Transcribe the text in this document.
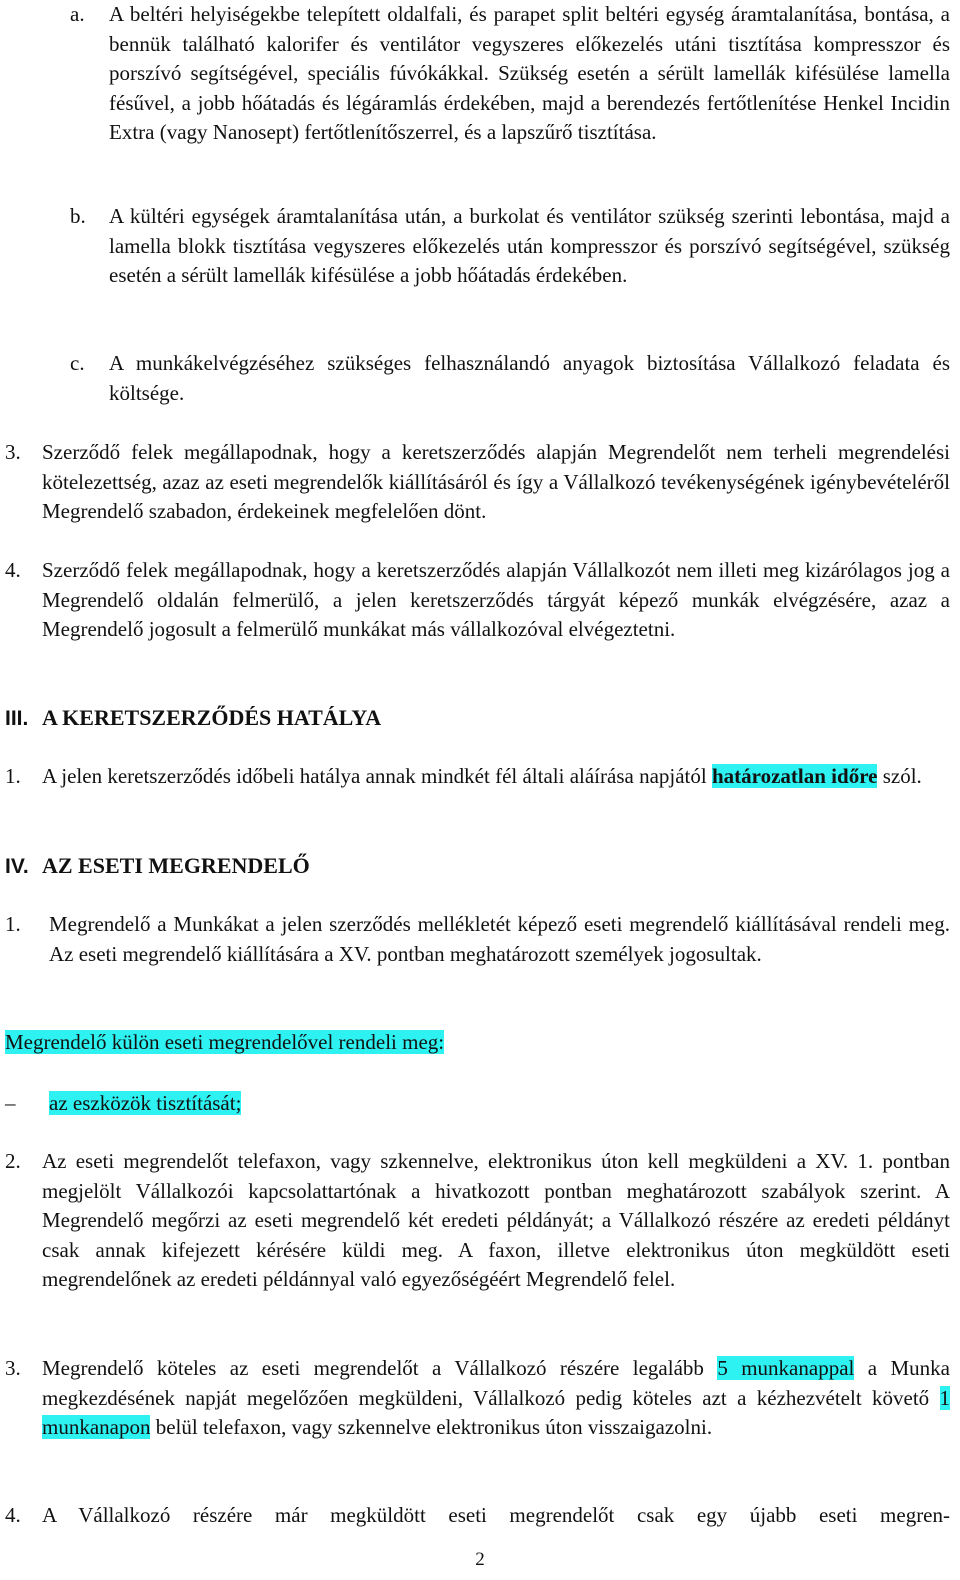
a. A beltéri helyiségekbe telepített oldalfali, és parapet split beltéri egység áramtalanítása, bontása, a bennük található kalorifer és ventilátor vegyszeres előkezelés utáni tisztítása kompresszor és porszívó segítségével, speciális fúvókákkal. Szükség esetén a sérült lamellák kifésülése lamella fésűvel, a jobb hőátadás és légáramlás érdekében, majd a berendezés fertőtlenítése Henkel Incidin Extra (vagy Nanosept) fertőtlenítőszerrel, és a lapszűrő tisztítása.
b. A kültéri egységek áramtalanítása után, a burkolat és ventilátor szükség szerinti lebontása, majd a lamella blokk tisztítása vegyszeres előkezelés után kompresszor és porszívó segítségével, szükség esetén a sérült lamellák kifésülése a jobb hőátadás érdekében.
c. A munkákelvégzéséhez szükséges felhasználandó anyagok biztosítása Vállalkozó feladata és költsége.
3. Szerződő felek megállapodnak, hogy a keretszerződés alapján Megrendelőt nem terheli megrendelési kötelezettség, azaz az eseti megrendelők kiállításáról és így a Vállalkozó tevékenységének igénybevételéről Megrendelő szabadon, érdekeinek megfelelően dönt.
4. Szerződő felek megállapodnak, hogy a keretszerződés alapján Vállalkozót nem illeti meg kizárólagos jog a Megrendelő oldalán felmerülő, a jelen keretszerződés tárgyát képező munkák elvégzésére, azaz a Megrendelő jogosult a felmerülő munkákat más vállalkozóval elvégeztetni.
III. A KERETSZERZŐDÉS HATÁLYA
1. A jelen keretszerződés időbeli hatálya annak mindkét fél általi aláírása napjától határozatlan időre szól.
IV. AZ ESETI MEGRENDELŐ
1. Megrendelő a Munkákat a jelen szerződés mellékletét képező eseti megrendelő kiállításával rendeli meg. Az eseti megrendelő kiállítására a XV. pontban meghatározott személyek jogosultak.
Megrendelő külön eseti megrendelővel rendeli meg:
– az eszközök tisztítását;
2. Az eseti megrendelőt telefaxon, vagy szkennelve, elektronikus úton kell megküldeni a XV. 1. pontban megjelölt Vállalkozói kapcsolattartónak a hivatkozott pontban meghatározott szabályok szerint. A Megrendelő megőrzi az eseti megrendelő két eredeti példányát; a Vállalkozó részére az eredeti példányt csak annak kifejezett kérésére küldi meg. A faxon, illetve elektronikus úton megküldött eseti megrendelőnek az eredeti példánnyal való egyezőségéért Megrendelő felel.
3. Megrendelő köteles az eseti megrendelőt a Vállalkozó részére legalább 5 munkanappal a Munka megkezdésének napját megelőzően megküldeni, Vállalkozó pedig köteles azt a kézhezvételt követő 1 munkanapon belül telefaxon, vagy szkennelve elektronikus úton visszaigazolni.
4. A Vállalkozó részére már megküldött eseti megrendelőt csak egy újabb eseti megren-
2
